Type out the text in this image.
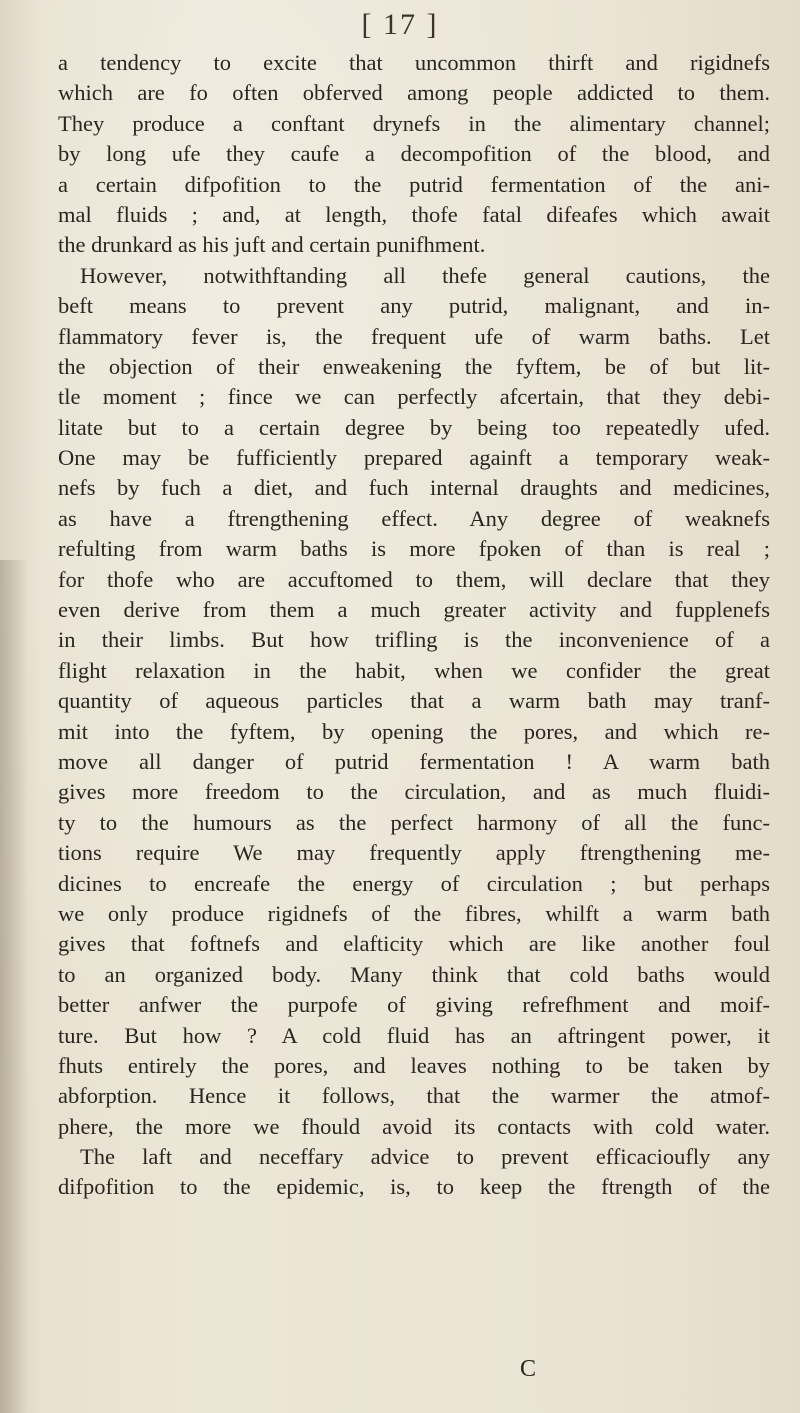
[ 17 ]
a tendency to excite that uncommon thirft and rigidnefs
which are fo often obferved among people addicted to them.
They produce a conftant drynefs in the alimentary channel;
by long ufe they caufe a decompofition of the blood, and
a certain difpofition to the putrid fermentation of the ani-
mal fluids ; and, at length, thofe fatal difeafes which await
the drunkard as his juft and certain punifhment.
However, notwithftanding all thefe general cautions, the
beft means to prevent any putrid, malignant, and in-
flammatory fever is, the frequent ufe of warm baths. Let
the objection of their enweakening the fyftem, be of but lit-
tle moment ; fince we can perfectly afcertain, that they debi-
litate but to a certain degree by being too repeatedly ufed.
One may be fufficiently prepared againft a temporary weak-
nefs by fuch a diet, and fuch internal draughts and medicines,
as have a ftrengthening effect. Any degree of weaknefs
refulting from warm baths is more fpoken of than is real ;
for thofe who are accuftomed to them, will declare that they
even derive from them a much greater activity and fupplenefs
in their limbs. But how trifling is the inconvenience of a
flight relaxation in the habit, when we confider the great
quantity of aqueous particles that a warm bath may tranf-
mit into the fyftem, by opening the pores, and which re-
move all danger of putrid fermentation ! A warm bath
gives more freedom to the circulation, and as much fluidi-
ty to the humours as the perfect harmony of all the func-
tions require We may frequently apply ftrengthening me-
dicines to encreafe the energy of circulation ; but perhaps
we only produce rigidnefs of the fibres, whilft a warm bath
gives that foftnefs and elafticity which are like another foul
to an organized body. Many think that cold baths would
better anfwer the purpofe of giving refrefhment and moif-
ture. But how ? A cold fluid has an aftringent power, it
fhuts entirely the pores, and leaves nothing to be taken by
abforption. Hence it follows, that the warmer the atmof-
phere, the more we fhould avoid its contacts with cold water.
The laft and neceffary advice to prevent efficacioufly any
difpofition to the epidemic, is, to keep the ftrength of the
C
